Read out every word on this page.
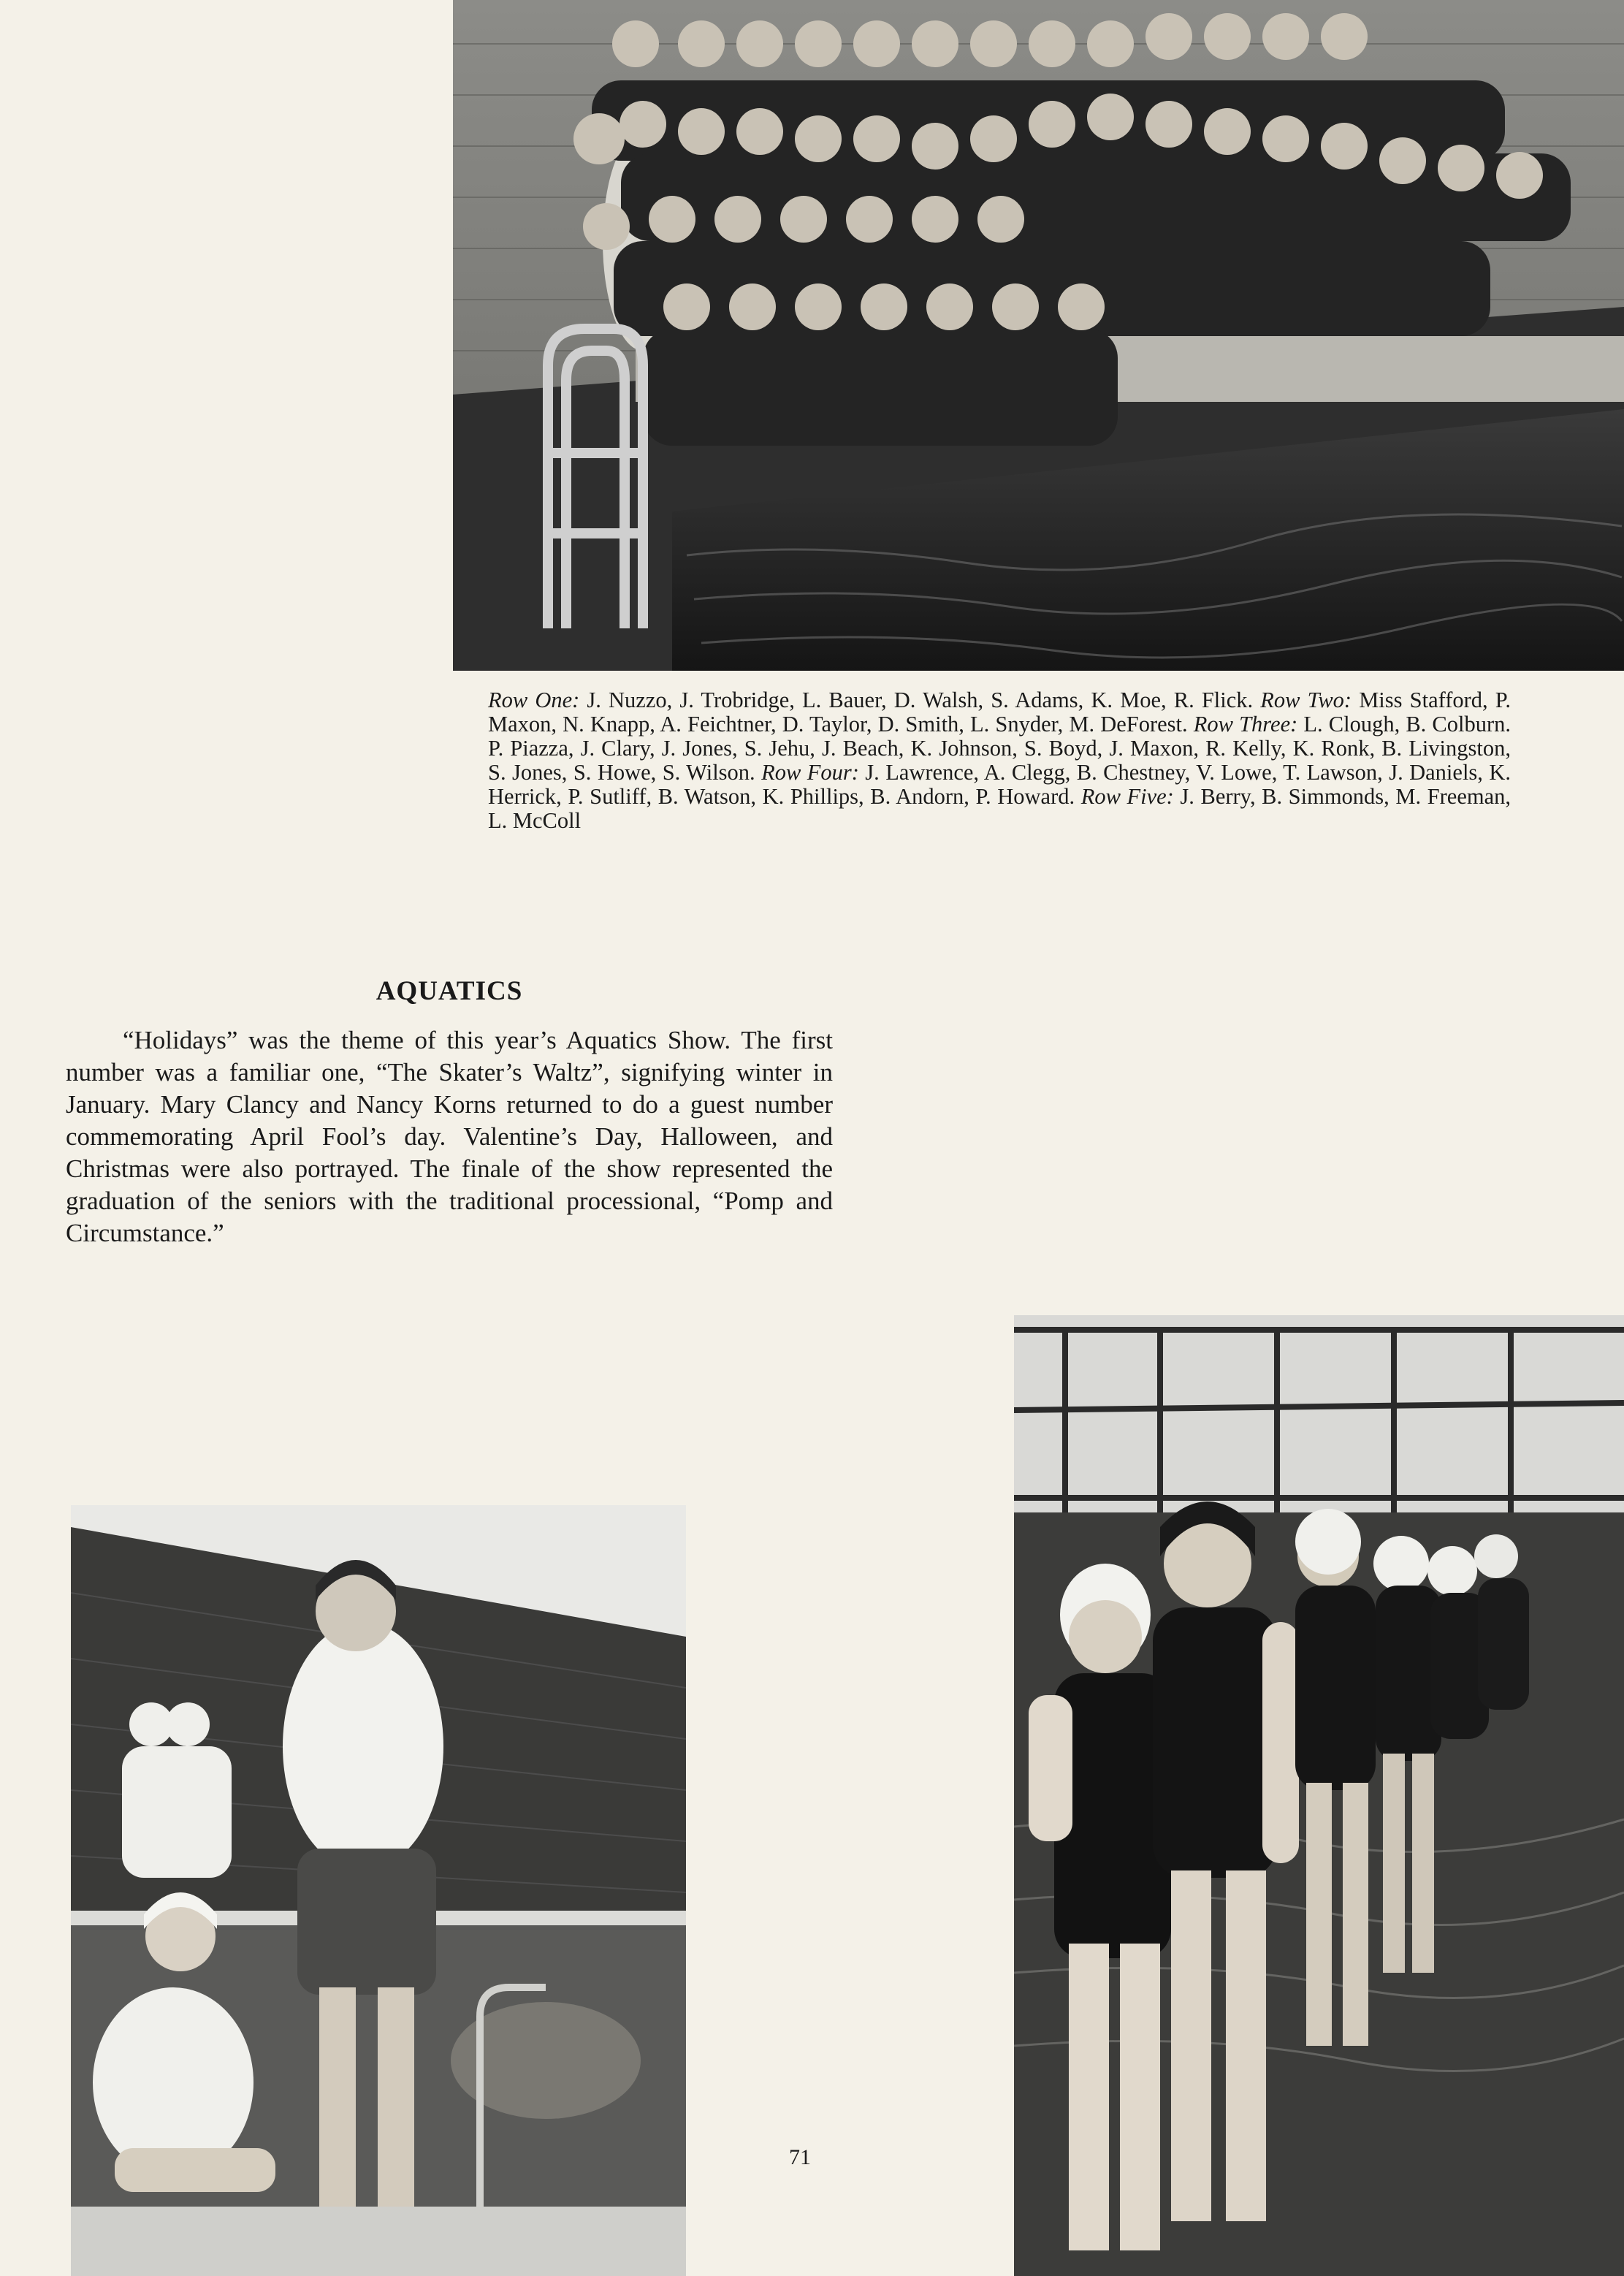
Row One: J. Nuzzo, J. Trobridge, L. Bauer, D. Walsh, S. Adams, K. Moe, R. Flick. Row Two: Miss Stafford, P. Maxon, N. Knapp, A. Feichtner, D. Taylor, D. Smith, L. Snyder, M. DeForest. Row Three: L. Clough, B. Colburn. P. Piazza, J. Clary, J. Jones, S. Jehu, J. Beach, K. Johnson, S. Boyd, J. Maxon, R. Kelly, K. Ronk, B. Livingston, S. Jones, S. Howe, S. Wilson. Row Four: J. Lawrence, A. Clegg, B. Chestney, V. Lowe, T. Lawson, J. Daniels, K. Herrick, P. Sutliff, B. Watson, K. Phillips, B. Andorn, P. Howard. Row Five: J. Berry, B. Simmonds, M. Freeman, L. McColl
AQUATICS
“Holidays” was the theme of this year’s Aquatics Show. The first number was a familiar one, “The Skater’s Waltz”, signifying winter in January. Mary Clancy and Nancy Korns returned to do a guest number commemorating April Fool’s day. Valentine’s Day, Halloween, and Christmas were also portrayed. The finale of the show represented the graduation of the seniors with the traditional processional, “Pomp and Circumstance.”
71
